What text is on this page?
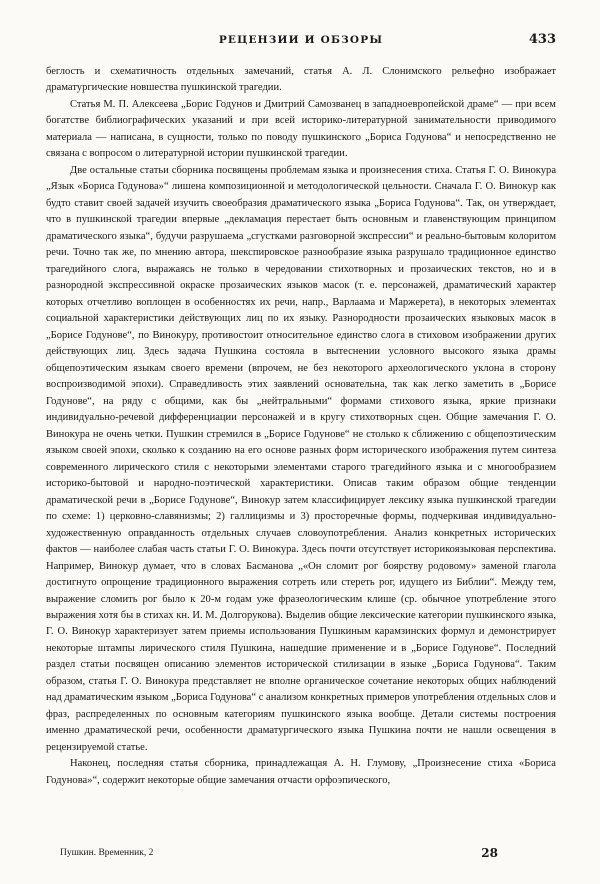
РЕЦЕНЗИИ И ОБЗОРЫ	433

беглость и схематичность отдельных замечаний, статья А. Л. Слонимского рельефно изображает драматургические новшества пушкинской трагедии.

Статья М. П. Алексеева „Борис Годунов и Дмитрий Самозванец в западноевропейской драме“ — при всем богатстве библиографических указаний и при всей историко-литературной занимательности приводимого материала — написана, в сущности, только по поводу пушкинского „Бориса Годунова“ и непосредственно не связана с вопросом о литературной истории пушкинской трагедии.

Две остальные статьи сборника посвящены проблемам языка и произнесения стиха. Статья Г. О. Винокура „Язык «Бориса Годунова»“ лишена композиционной и методологической цельности. Сначала Г. О. Винокур как будто ставит своей задачей изучить своеобразия драматического языка „Бориса Годунова“. Так, он утверждает, что в пушкинской трагедии впервые „декламация перестает быть основным и главенствующим принципом драматического языка“, будучи разрушаема „сгустками разговорной экспрессии“ и реально-бытовым колоритом речи. Точно так же, по мнению автора, шекспировское разнообразие языка разрушало традиционное единство трагедийного слога, выражаясь не только в чередовании стихотворных и прозаических текстов, но и в разнородной экспрессивной окраске прозаических языков масок (т. е. персонажей, драматический характер которых отчетливо воплощен в особенностях их речи, напр., Варлаама и Маржерета), в некоторых элементах социальной характеристики действующих лиц по их языку. Разнородности прозаических языковых масок в „Борисе Годунове“, по Винокуру, противостоит относительное единство слога в стиховом изображении других действующих лиц. Здесь задача Пушкина состояла в вытеснении условного высокого языка драмы общепоэтическим языкам своего времени (впрочем, не без некоторого археологического уклона в сторону воспроизводимой эпохи). Справедливость этих заявлений основательна, так как легко заметить в „Борисе Годунове“, на ряду с общими, как бы „нейтральными“ формами стихового языка, яркие признаки индивидуально-речевой дифференциации персонажей и в кругу стихотворных сцен. Общие замечания Г. О. Винокура не очень четки. Пушкин стремился в „Борисе Годунове“ не столько к сближению с общепоэтическим языком своей эпохи, сколько к созданию на его основе разных форм исторического изображения путем синтеза современного лирического стиля с некоторыми элементами старого трагедийного языка и с многообразием историко-бытовой и народно-поэтической характеристики. Описав таким образом общие тенденции драматической речи в „Борисе Годунове“, Винокур затем классифицирует лексику языка пушкинской трагедии по схеме: 1) церковно-славянизмы; 2) галлицизмы и 3) просторечные формы, подчеркивая индивидуально-художественную оправданность отдельных случаев словоупотребления. Анализ конкретных исторических фактов — наиболее слабая часть статьи Г. О. Винокура. Здесь почти отсутствует историкоязыковая перспектива. Например, Винокур думает, что в словах Басманова „«Он сломит рог боярству родовому» заменой глагола достигнуто опрощение традиционного выражения сотреть или стереть рог, идущего из Библии“. Между тем, выражение сломить рог было к 20-м годам уже фразеологическим клише (ср. обычное употребление этого выражения хотя бы в стихах кн. И. М. Долгорукова). Выделив общие лексические категории пушкинского языка, Г. О. Винокур характеризует затем приемы использования Пушкиным карамзинских формул и демонстрирует некоторые штампы лирического стиля Пушкина, нашедшие применение и в „Борисе Годунове“. Последний раздел статьи посвящен описанию элементов исторической стилизации в языке „Бориса Годунова“. Таким образом, статья Г. О. Винокура представляет не вполне органическое сочетание некоторых общих наблюдений над драматическим языком „Бориса Годунова“ с анализом конкретных примеров употребления отдельных слов и фраз, распределенных по основным категориям пушкинского языка вообще. Детали системы построения именно драматической речи, особенности драматургического языка Пушкина почти не нашли освещения в рецензируемой статье.

Наконец, последняя статья сборника, принадлежащая А. Н. Глумову, „Произнесение стиха «Бориса Годунова»“, содержит некоторые общие замечания отчасти орфоэпического,

Пушкин. Временник, 2	28
